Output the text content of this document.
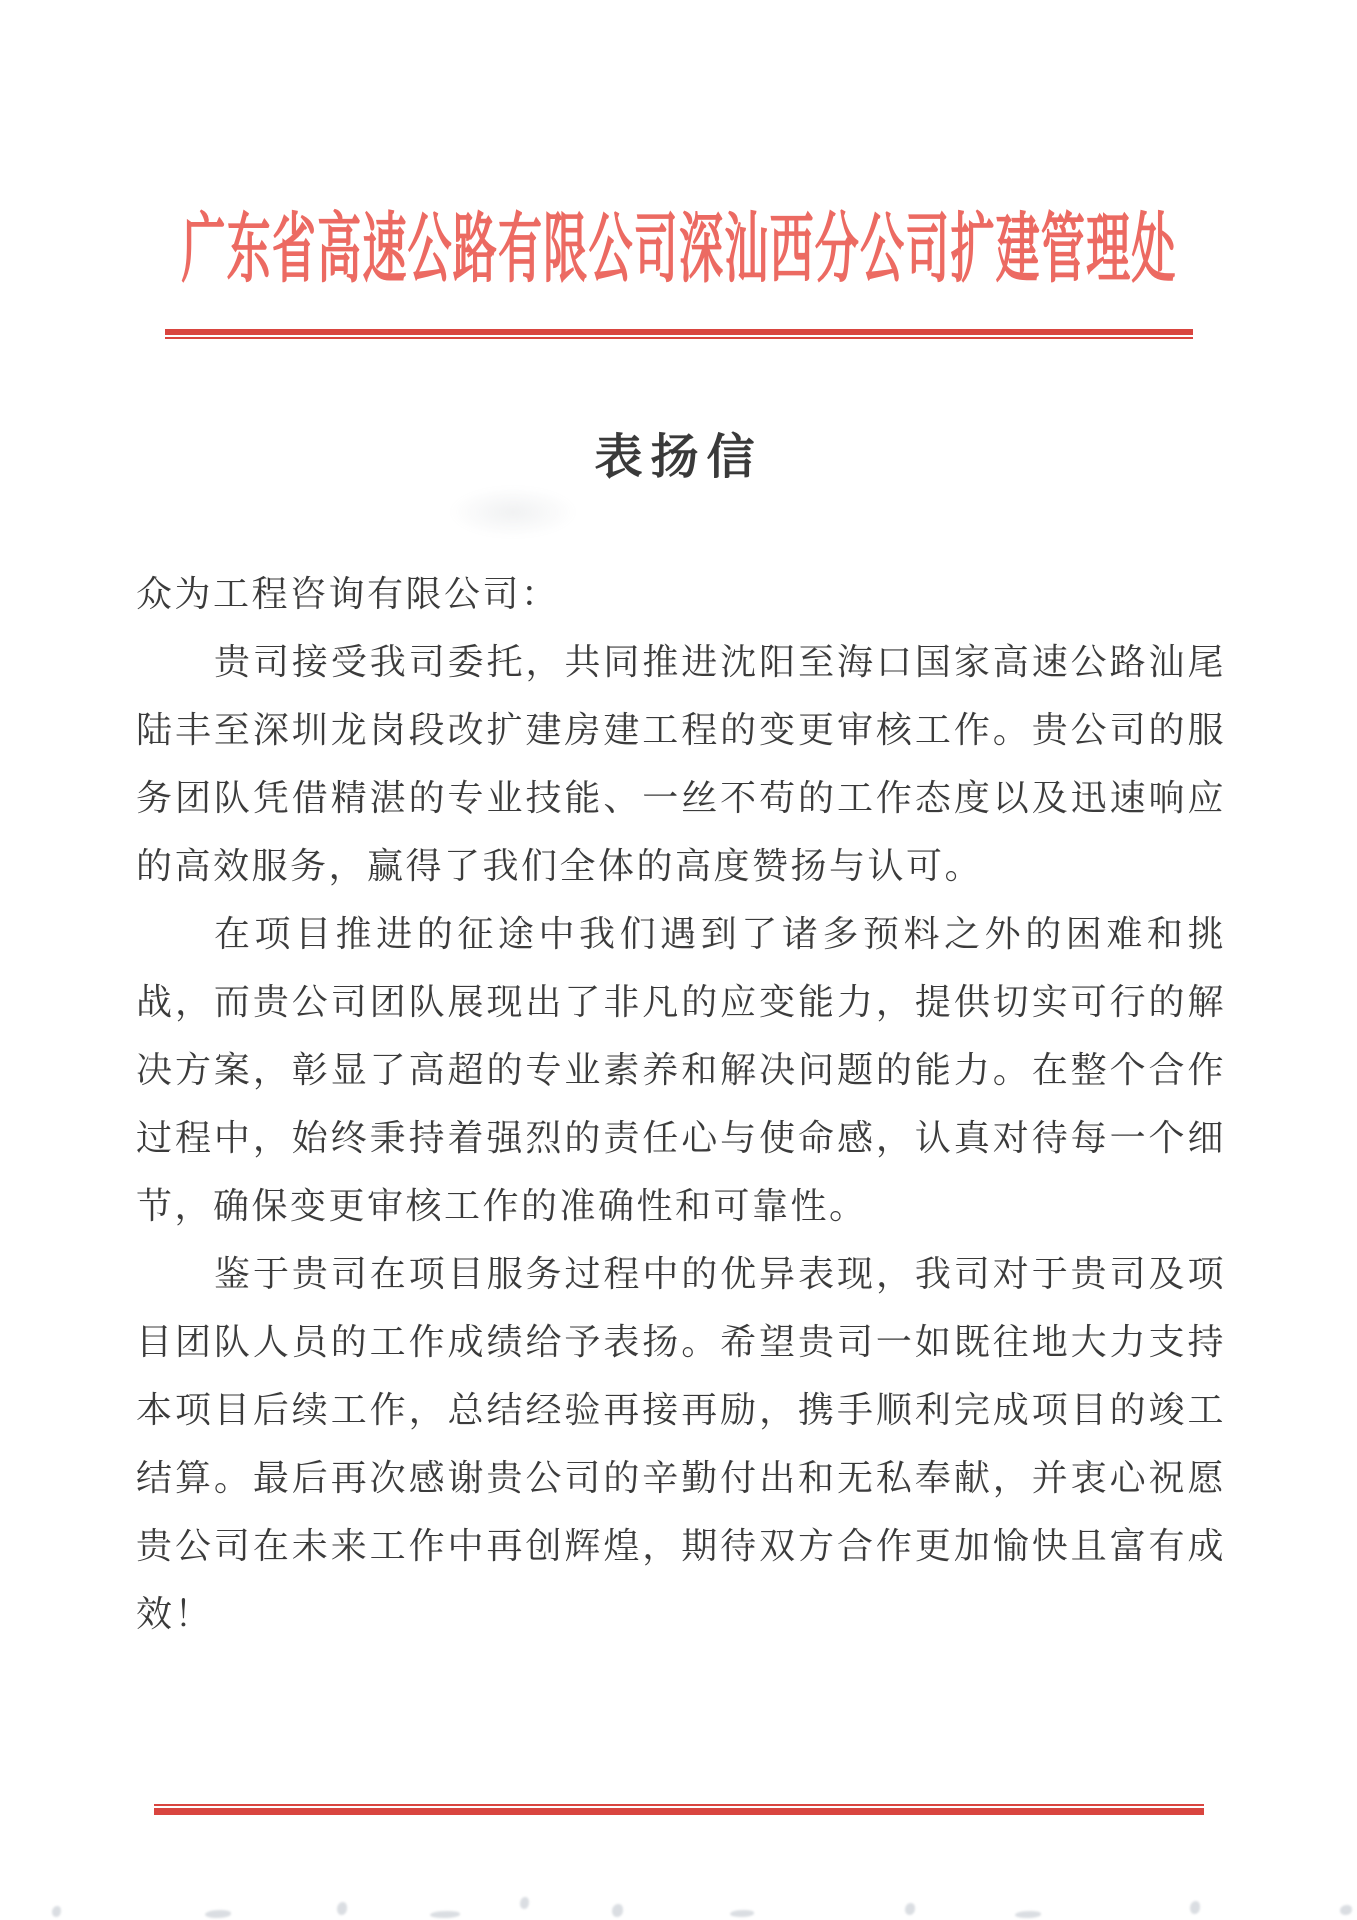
广东省高速公路有限公司深汕西分公司扩建管理处
表扬信

众为工程咨询有限公司：

贵司接受我司委托，共同推进沈阳至海口国家高速公路汕尾陆丰至深圳龙岗段改扩建房建工程的变更审核工作。贵公司的服务团队凭借精湛的专业技能、一丝不苟的工作态度以及迅速响应的高效服务，赢得了我们全体的高度赞扬与认可。

在项目推进的征途中我们遇到了诸多预料之外的困难和挑战，而贵公司团队展现出了非凡的应变能力，提供切实可行的解决方案，彰显了高超的专业素养和解决问题的能力。在整个合作过程中，始终秉持着强烈的责任心与使命感，认真对待每一个细节，确保变更审核工作的准确性和可靠性。

鉴于贵司在项目服务过程中的优异表现，我司对于贵司及项目团队人员的工作成绩给予表扬。希望贵司一如既往地大力支持本项目后续工作，总结经验再接再励，携手顺利完成项目的竣工结算。最后再次感谢贵公司的辛勤付出和无私奉献，并衷心祝愿贵公司在未来工作中再创辉煌，期待双方合作更加愉快且富有成效！
